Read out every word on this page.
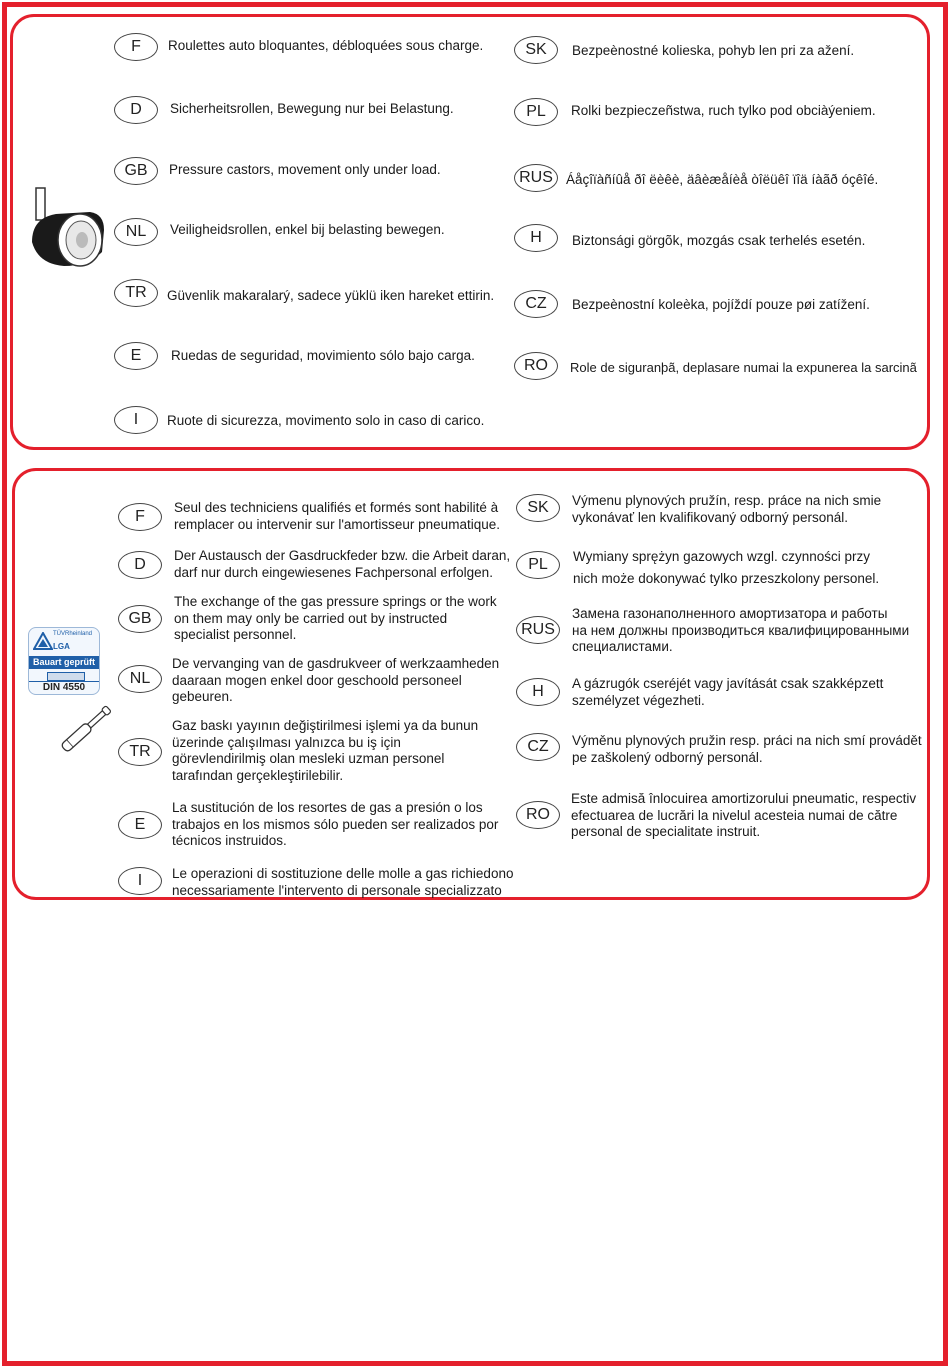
F	Roulettes auto bloquantes, débloquées sous charge.
D	Sicherheitsrollen, Bewegung nur bei Belastung.
GB	Pressure castors, movement only under load.
NL	Veiligheidsrollen, enkel bij belasting bewegen.
TR	Güvenlik makaralarý, sadece yüklü iken hareket ettirin.
E	Ruedas de seguridad, movimiento sólo bajo carga.
I	Ruote di sicurezza, movimento solo in caso di carico.
SK	Bezpeènostné kolieska, pohyb len pri za ažení.
PL	Rolki bezpieczeñstwa, ruch tylko pod obciàýeniem.
RUS Áåçîïàñíûå ðî ëèêè, äâèæåíèå òîëüêî ïîä íàãð óçêîé.
H	Biztonsági görgõk, mozgás csak terhelés esetén.
CZ	Bezpeènostní koleèka, pojíždí pouze pøi zatížení.
RO	Role de siguranþã, deplasare numai la expunerea la sarcinã
TÜVRheinland
LGA
Bauart geprüft
DIN 4550
F
Seul des techniciens qualifiés et formés sont habilité à
remplacer ou intervenir sur l'amortisseur pneumatique.
D
Der Austausch der Gasdruckfeder bzw. die Arbeit daran,
darf nur durch eingewiesenes Fachpersonal erfolgen.
GB
The exchange of the gas pressure springs or the work
on them may only be carried out by instructed
specialist personnel.
NL
De vervanging van de gasdrukveer of werkzaamheden
daaraan mogen enkel door geschoold personeel
gebeuren.
TR
Gaz baskı yayının değiştirilmesi işlemi ya da bunun
üzerinde çalışılması yalnızca bu iş için
görevlendirilmiş olan mesleki uzman personel
tarafından gerçekleştirilebilir.
E
La sustitución de los resortes de gas a presión o los
trabajos en los mismos sólo pueden ser realizados por
técnicos instruidos.
I	Le operazioni di sostituzione delle molle a gas richiedono
necessariamente l'intervento di personale specializzato
SK	Výmenu plynových pružín, resp. práce na nich smie
vykonávať len kvalifikovaný odborný personál.
PL	Wymiany sprężyn gazowych wzgl. czynności przy
nich może dokonywać tylko przeszkolony personel.
RUS
Замена газонаполненного амортизатора и работы
на нем должны производиться квалифицированными
специалистами.
H	A gázrugók cseréjét vagy javítását csak szakképzett
személyzet végezheti.
CZ	Výměnu plynových pružin resp. práci na nich smí provádět
pe zaškolený odborný personál.
RO
Este admisă înlocuirea amortizorului pneumatic, respectiv
efectuarea de lucrări la nivelul acesteia numai de către
personal de specialitate instruit.
